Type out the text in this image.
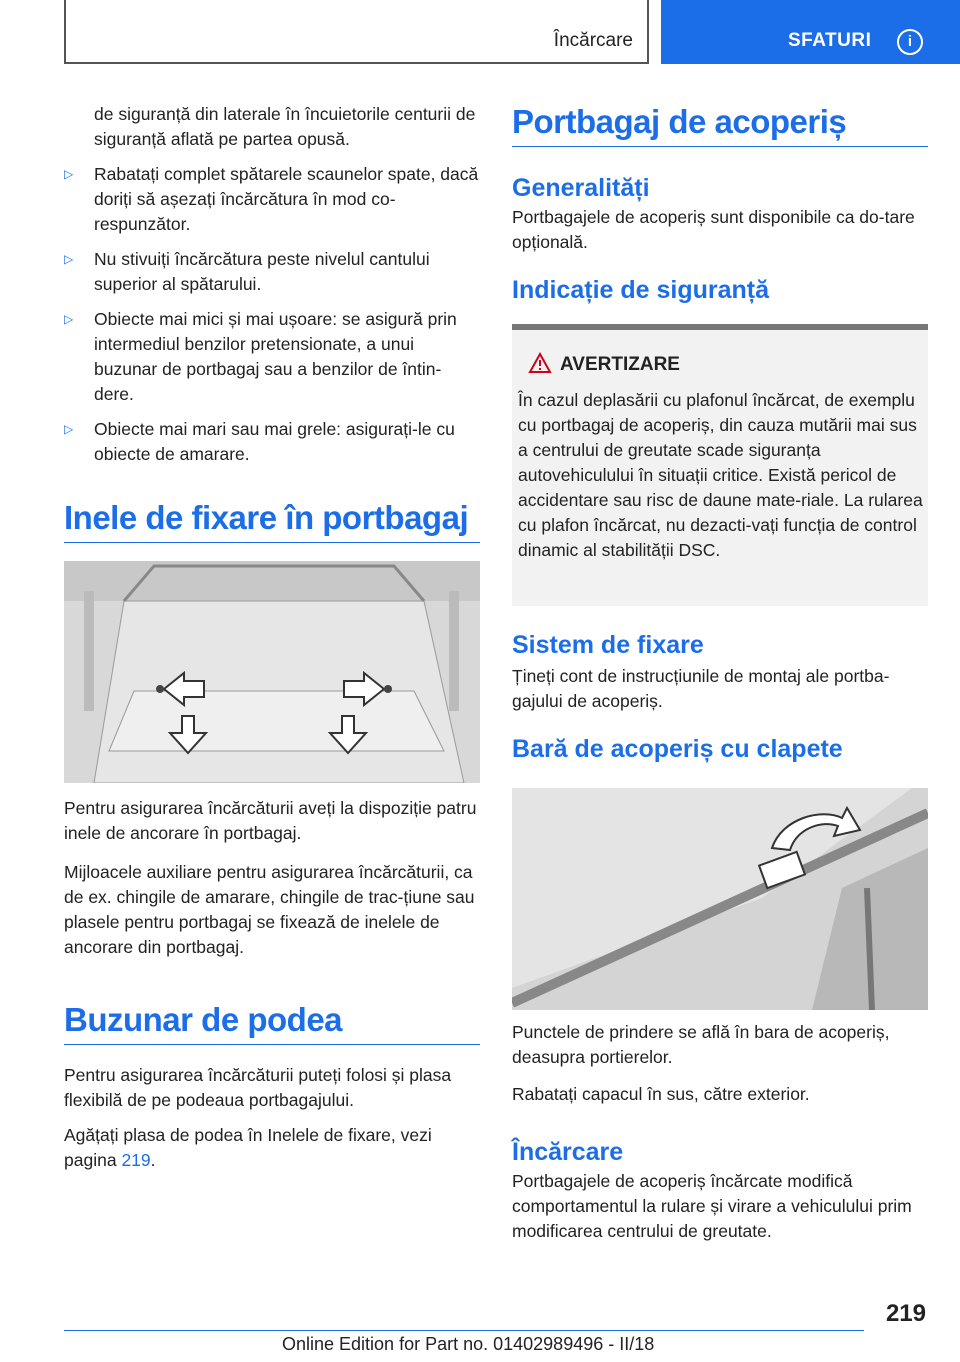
Încărcare	SFATURI	i

de siguranță din laterale în încuietorile centurii de siguranță aflată pe partea opusă.

▷ Rabatați complet spătarele scaunelor spate, dacă doriți să așezați încărcătura în mod co-respunzător.
▷ Nu stivuiți încărcătura peste nivelul cantului superior al spătarului.
▷ Obiecte mai mici și mai ușoare: se asigură prin intermediul benzilor pretensionate, a unui buzunar de portbagaj sau a benzilor de întin-dere.
▷ Obiecte mai mari sau mai grele: asigurați-le cu obiecte de amarare.
Inele de fixare în portbagaj

Pentru asigurarea încărcăturii aveți la dispoziție patru inele de ancorare în portbagaj.

Mijloacele auxiliare pentru asigurarea încărcăturii, ca de ex. chingile de amarare, chingile de trac-țiune sau plasele pentru portbagaj se fixează de inelele de ancorare din portbagaj.

Buzunar de podea

Pentru asigurarea încărcăturii puteți folosi și plasa flexibilă de pe podeaua portbagajului.

Agățați plasa de podea în Inelele de fixare, vezi pagina 219.

Portbagaj de acoperiș
Generalități

Portbagajele de acoperiș sunt disponibile ca do-tare opțională.

Indicație de siguranță
AVERTIZARE
În cazul deplasării cu plafonul încărcat, de exemplu cu portbagaj de acoperiș, din cauza mutării mai sus a centrului de greutate scade siguranța autovehiculului în situații critice. Există pericol de accidentare sau risc de daune mate-riale. La rularea cu plafon încărcat, nu dezacti-vați funcția de control dinamic al stabilității DSC.
Sistem de fixare

Țineți cont de instrucțiunile de montaj ale portba-gajului de acoperiș.

Bară de acoperiș cu clapete

Punctele de prindere se află în bara de acoperiș, deasupra portierelor.

Rabatați capacul în sus, către exterior.

Încărcare

Portbagajele de acoperiș încărcate modifică comportamentul la rulare și virare a vehiculului prim modificarea centrului de greutate.

219
Online Edition for Part no. 01402989496 - II/18
